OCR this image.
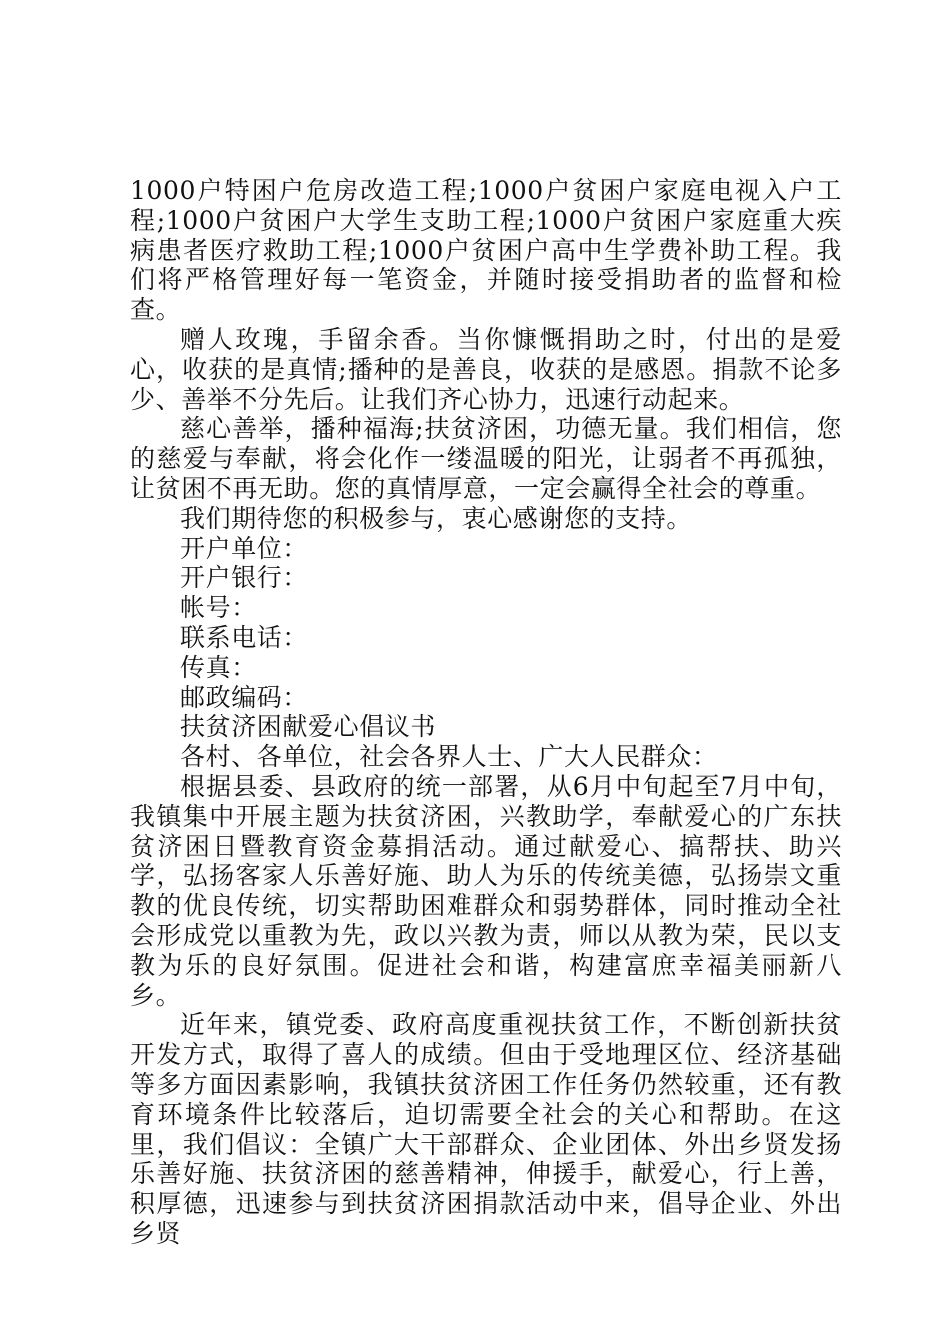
1000户特困户危房改造工程;1000户贫困户家庭电视入户工程;1000户贫困户大学生支助工程;1000户贫困户家庭重大疾病患者医疗救助工程;1000户贫困户高中生学费补助工程。我们将严格管理好每一笔资金，并随时接受捐助者的监督和检查。

赠人玫瑰，手留余香。当你慷慨捐助之时，付出的是爱心，收获的是真情;播种的是善良，收获的是感恩。捐款不论多少、善举不分先后。让我们齐心协力，迅速行动起来。

慈心善举，播种福海;扶贫济困，功德无量。我们相信，您的慈爱与奉献，将会化作一缕温暖的阳光，让弱者不再孤独，让贫困不再无助。您的真情厚意，一定会赢得全社会的尊重。

我们期待您的积极参与，衷心感谢您的支持。

开户单位：

开户银行：

帐号：

联系电话：

传真：

邮政编码：

扶贫济困献爱心倡议书

各村、各单位，社会各界人士、广大人民群众：

根据县委、县政府的统一部署，从6月中旬起至7月中旬，我镇集中开展主题为扶贫济困，兴教助学，奉献爱心的广东扶贫济困日暨教育资金募捐活动。通过献爱心、搞帮扶、助兴学，弘扬客家人乐善好施、助人为乐的传统美德，弘扬崇文重教的优良传统，切实帮助困难群众和弱势群体，同时推动全社会形成党以重教为先，政以兴教为责，师以从教为荣，民以支教为乐的良好氛围。促进社会和谐，构建富庶幸福美丽新八乡。

近年来，镇党委、政府高度重视扶贫工作，不断创新扶贫开发方式，取得了喜人的成绩。但由于受地理区位、经济基础等多方面因素影响，我镇扶贫济困工作任务仍然较重，还有教育环境条件比较落后，迫切需要全社会的关心和帮助。在这里，我们倡议：全镇广大干部群众、企业团体、外出乡贤发扬乐善好施、扶贫济困的慈善精神，伸援手，献爱心，行上善，积厚德，迅速参与到扶贫济困捐款活动中来，倡导企业、外出乡贤
